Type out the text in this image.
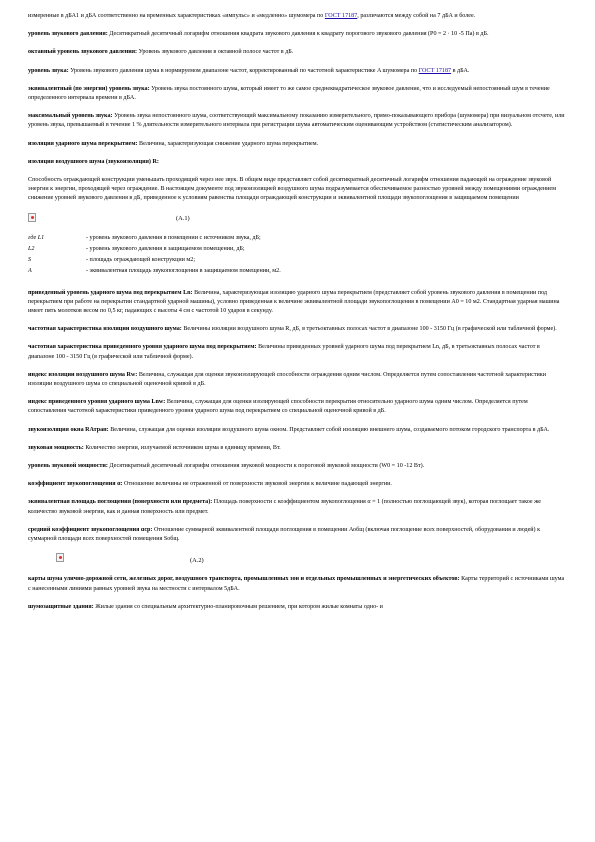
измеренные в дБА1 и дБА соответственно на временных характеристиках «импульс» и «медленно» шумомера по ГОСТ 17187, различаются между собой на 7 дБА и более.

уровень звукового давления: Десятикратный десятичный логарифм отношения квадрата звукового давления к квадрату порогового звукового давления (P0 = 2 · 10 -5 Па) в дБ.

октавный уровень звукового давления: Уровень звукового давления в октавной полосе частот в дБ.

уровень звука: Уровень звукового давления шума в нормируемом диапазоне частот, корректированный по частотной характеристике A шумомера по ГОСТ 17187 в дБА.

эквивалентный (по энергии) уровень звука: Уровень звука постоянного шума, который имеет то же самое среднеквадратическое звуковое давление, что и исследуемый непостоянный шум в течение определенного интервала времени в дБА.

максимальный уровень звука: Уровень звука непостоянного шума, соответствующий максимальному показанию измерительного, прямо-показывающего прибора (шумомера) при визуальном отсчете, или уровень звука, превышаемый в течение 1 % длительности измерительного интервала при регистрации шума автоматическим оценивающим устройством (статистическим анализатором).

изоляция ударного шума перекрытием: Величина, характеризующая снижение ударного шума перекрытием.

изоляция воздушного шума (звукоизоляция) R:

Способность ограждающей конструкции уменьшать проходящий через нее звук. В общем виде представляет собой десятикратный десятичный логарифм отношения падающей на ограждение звуковой энергии к энергии, проходящей через ограждение. В настоящем документе под звукоизоляцией воздушного шума подразумевается обеспечиваемое разностью уровней между помещениями ограждением снижение уровней звукового давления в дБ, приведенное к условиям равенства площади ограждающей конструкции и эквивалентной площади звукопоглощения в защищаемом помещении

(А.1)
где L1	- уровень звукового давления в помещении с источником звука, дБ;
L2	- уровень звукового давления в защищаемом помещении, дБ;
S	- площадь ограждающей конструкции м2;
A	- эквивалентная площадь звукопоглощения в защищаемом помещении, м2.

приведенный уровень ударного шума под перекрытием Ln: Величина, характеризующая изоляцию ударного шума перекрытием (представляет собой уровень звукового давления в помещении под перекрытием при работе на перекрытии стандартной ударной машины), условно приведенная к величине эквивалентной площади звукопоглощения в помещении A0 = 10 м2. Стандартная ударная машина имеет пять молотков весом по 0,5 кг, падающих с высоты 4 см с частотой 10 ударов в секунду.

частотная характеристика изоляции воздушного шума: Величины изоляции воздушного шума R, дБ, в третьоктавных полосах частот в диапазоне 100 - 3150 Гц (в графической или табличной форме).

частотная характеристика приведенного уровня ударного шума под перекрытием: Величины приведенных уровней ударного шума под перекрытием Ln, дБ, в третьоктавных полосах частот в диапазоне 100 - 3150 Гц (в графической или табличной форме).

индекс изоляции воздушного шума Rw: Величина, служащая для оценки звукоизолирующей способности ограждения одним числом. Определяется путем сопоставления частотной характеристики изоляции воздушного шума со специальной оценочной кривой в дБ.

индекс приведенного уровня ударного шума Lnw: Величина, служащая для оценки изолирующей способности перекрытия относительно ударного шума одним числом. Определяется путем сопоставления частотной характеристики приведенного уровня ударного шума под перекрытием со специальной оценочной кривой в дБ.

звукоизоляция окна RАтран: Величина, служащая для оценки изоляции воздушного шума окном. Представляет собой изоляцию внешнего шума, создаваемого потоком городского транспорта в дБА.

звуковая мощность: Количество энергии, излучаемой источником шума в единицу времени, Вт.

уровень звуковой мощности: Десятикратный десятичный логарифм отношения звуковой мощности к пороговой звуковой мощности (W0 = 10 -12 Вт).

коэффициент звукопоглощения α: Отношение величины не отраженной от поверхности звуковой энергии к величине падающей энергии.

эквивалентная площадь поглощения (поверхности или предмета): Площадь поверхности с коэффициентом звукопоглощения α = 1 (полностью поглощающей звук), которая поглощает такое же количество звуковой энергии, как и данная поверхность или предмет.

средний коэффициент звукопоглощения αср: Отношение суммарной эквивалентной площади поглощения в помещении Аобщ (включая поглощение всех поверхностей, оборудования и людей) к суммарной площади всех поверхностей помещения Sобщ.

(А.2)

карты шума улично-дорожной сети, железных дорог, воздушного транспорта, промышленных зон и отдельных промышленных и энергетических объектов: Карты территорий с источниками шума с нанесенными линиями равных уровней звука на местности с интервалом 5дБА.

шумозащитные здания: Жилые здания со специальным архитектурно-планировочным решением, при котором жилые комнаты одно- и
